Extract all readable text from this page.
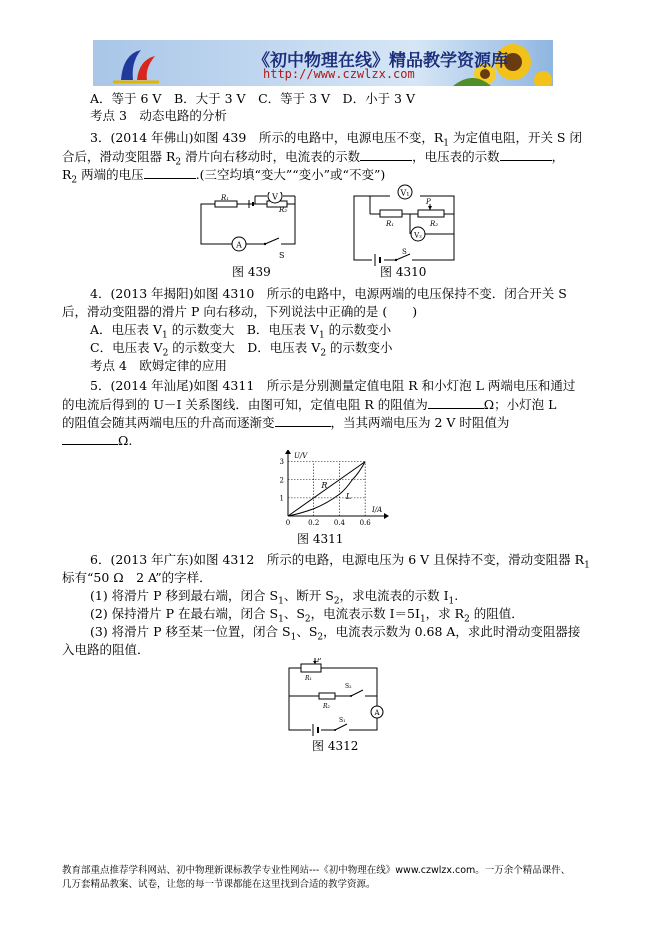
《初中物理在线》精品教学资源库
http://www.czwlzx.com
A．等于 6 V　B．大于 3 V　C．等于 3 V　D．小于 3 V
考点 3　动态电路的分析
3．(2014 年佛山)如图 439　所示的电路中，电源电压不变，$R_1$ 为定值电阻，开关 S 闭
合后，滑动变阻器 $R_2$ 滑片向右移动时，电流表的示数	，电压表的示数	，
$R_2$ 两端的电压	.(三空均填“变大”“变小”或“不变”)
V
A
S
R₁
R₂
图 439
V₁
P
R₁	R₂
V₂
S
图 4310
4．(2013 年揭阳)如图 4310　所示的电路中，电源两端的电压保持不变．闭合开关 S
后，滑动变阻器的滑片 P 向右移动，下列说法中正确的是 (　　)
A．电压表 $V_1$ 的示数变大　B．电压表 $V_1$ 的示数变小
C．电压表 $V_2$ 的示数变大　D．电压表 $V_2$ 的示数变小
考点 4　欧姆定律的应用
5．(2014 年汕尾)如图 4311　所示是分别测量定值电阻 R 和小灯泡 L 两端电压和通过
的电流后得到的 U－I 关系图线．由图可知，定值电阻 R 的阻值为	Ω；小灯泡 L
的阻值会随其两端电压的升高而逐渐变	，当其两端电压为 2 V 时阻值为
Ω.
U/V
I/A
0	0.2 0.4 0.6
1
2
3
R
L
图 4311
6．(2013 年广东)如图 4312　所示的电路，电源电压为 6 V 且保持不变，滑动变阻器 $R_1$
标有“50 Ω　2 A”的字样．
(1) 将滑片 P 移到最右端，闭合 $S_1$、断开 $S_2$，求电流表的示数 $I_1$.
(2) 保持滑片 P 在最右端，闭合 $S_1$、$S_2$，电流表示数 $I=5I_1$，求 $R_2$ 的阻值．
(3) 将滑片 P 移至某一位置，闭合 $S_1$、$S_2$，电流表示数为 0.68 A，求此时滑动变阻器接
入电路的阻值．
P
R₁
R₂
S₂
A
S₁
图 4312
教育部重点推荐学科网站、初中物理新课标教学专业性网站---《初中物理在线》www.czwlzx.com。一万余个精品课件、
几万套精品教案、试卷，让您的每一节课都能在这里找到合适的教学资源。
